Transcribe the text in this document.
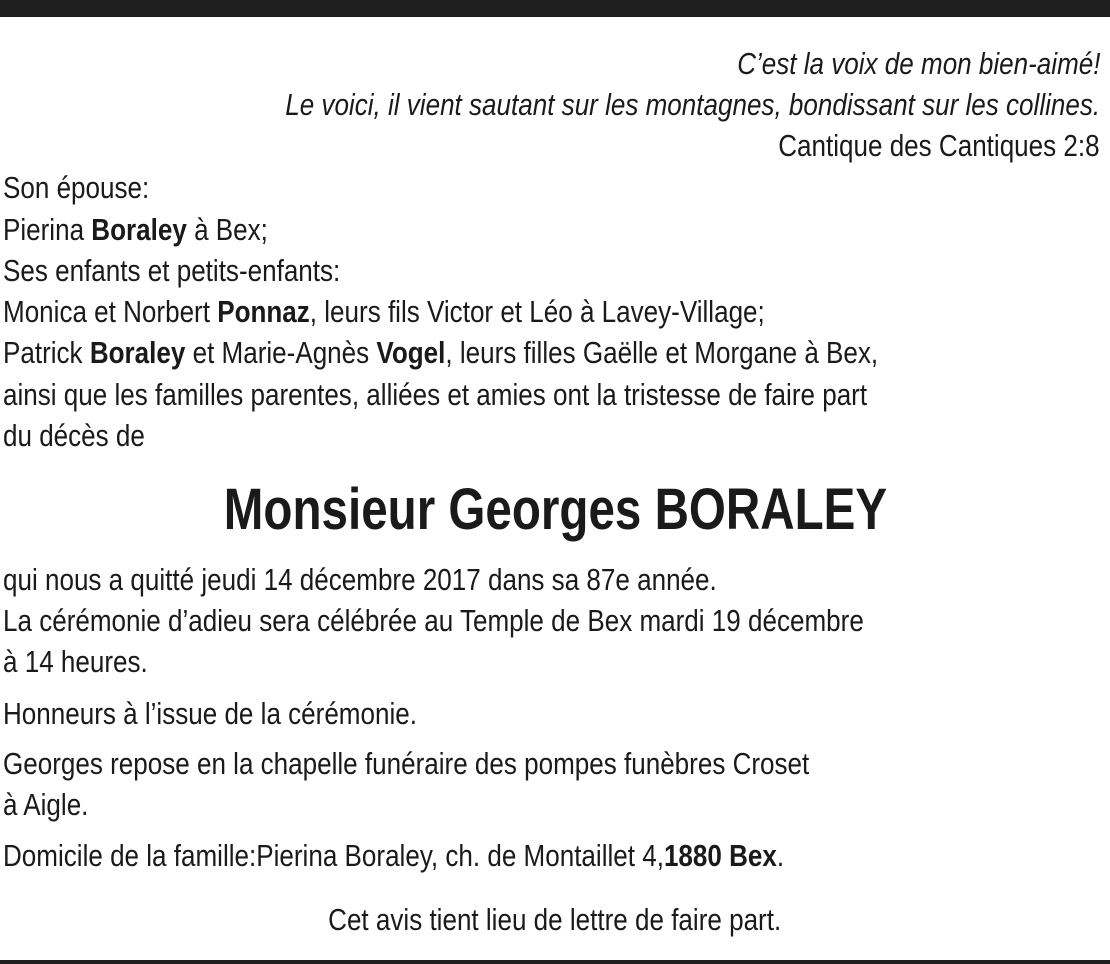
C’est la voix de mon bien-aimé!
Le voici, il vient sautant sur les montagnes, bondissant sur les collines.
Cantique des Cantiques 2:8
Son épouse:
Pierina Boraley à Bex;
Ses enfants et petits-enfants:
Monica et Norbert Ponnaz, leurs fils Victor et Léo à Lavey-Village;
Patrick Boraley et Marie-Agnès Vogel, leurs filles Gaëlle et Morgane à Bex,
ainsi que les familles parentes, alliées et amies ont la tristesse de faire part
du décès de
Monsieur Georges BORALEY
qui nous a quitté jeudi 14 décembre 2017 dans sa 87e année.
La cérémonie d’adieu sera célébrée au Temple de Bex mardi 19 décembre
à 14 heures.
Honneurs à l’issue de la cérémonie.
Georges repose en la chapelle funéraire des pompes funèbres Croset
à Aigle.
Domicile de la famille:Pierina Boraley, ch. de Montaillet 4,1880 Bex.
Cet avis tient lieu de lettre de faire part.
